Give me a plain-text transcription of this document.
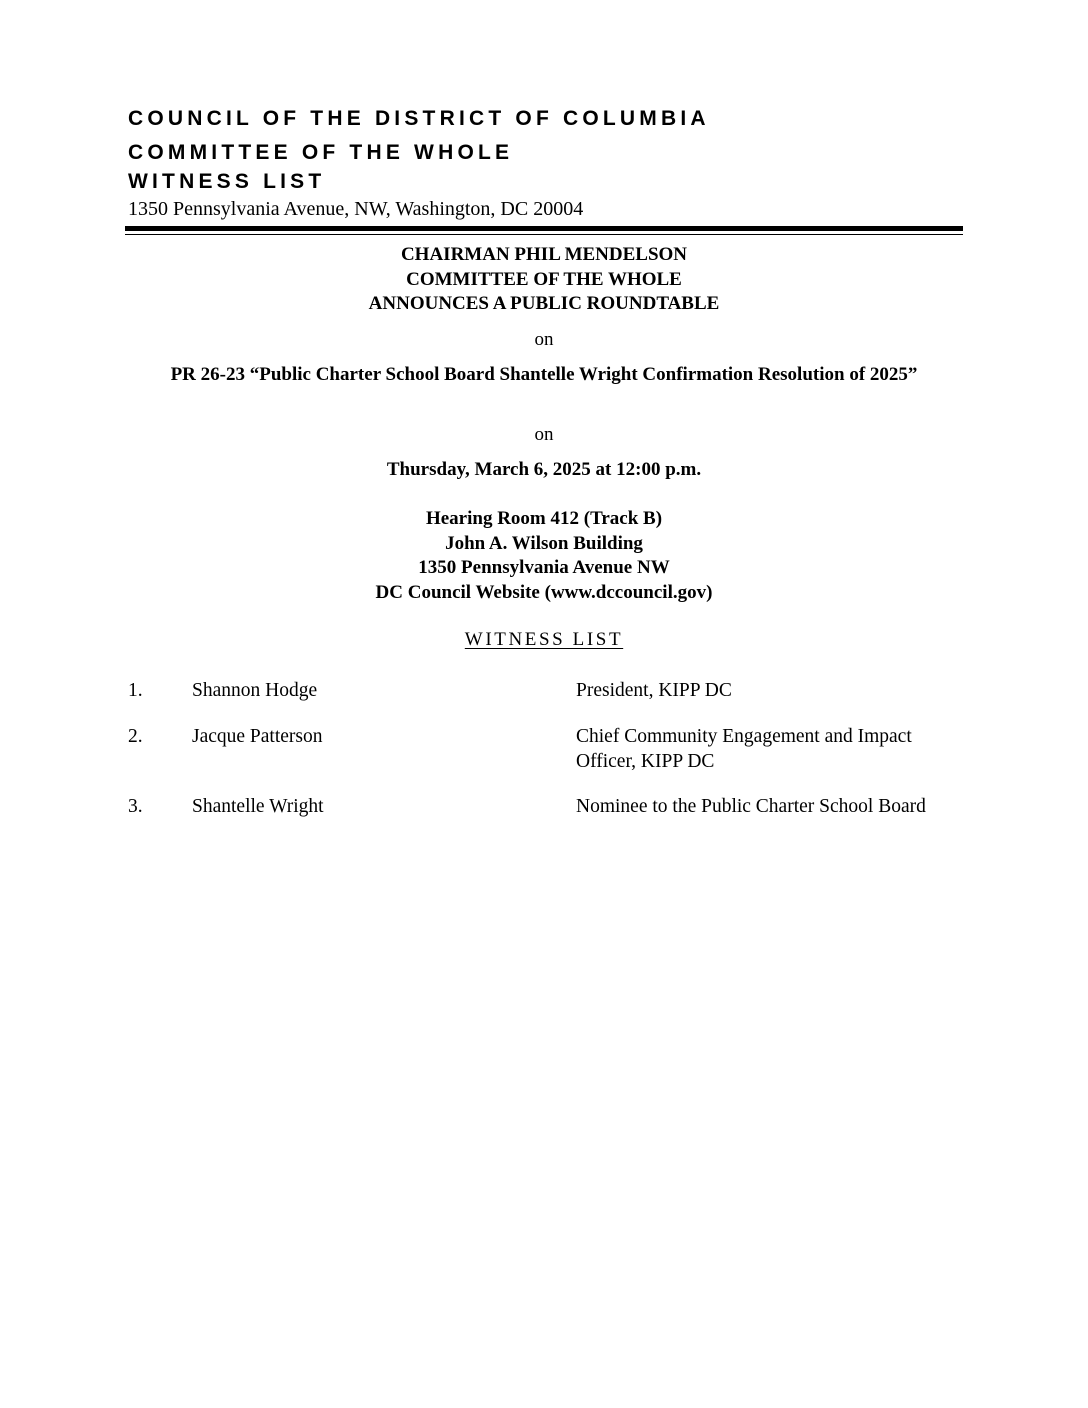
COUNCIL OF THE DISTRICT OF COLUMBIA
COMMITTEE OF THE WHOLE
WITNESS LIST
1350 Pennsylvania Avenue, NW, Washington, DC 20004
CHAIRMAN PHIL MENDELSON
COMMITTEE OF THE WHOLE
ANNOUNCES A PUBLIC ROUNDTABLE
on
PR 26-23 “Public Charter School Board Shantelle Wright Confirmation Resolution of 2025”
on
Thursday, March 6, 2025 at 12:00 p.m.
Hearing Room 412 (Track B)
John A. Wilson Building
1350 Pennsylvania Avenue NW
DC Council Website (www.dccouncil.gov)
WITNESS LIST
1.	Shannon Hodge	President, KIPP DC
2.	Jacque Patterson	Chief Community Engagement and Impact Officer, KIPP DC
3.	Shantelle Wright	Nominee to the Public Charter School Board
